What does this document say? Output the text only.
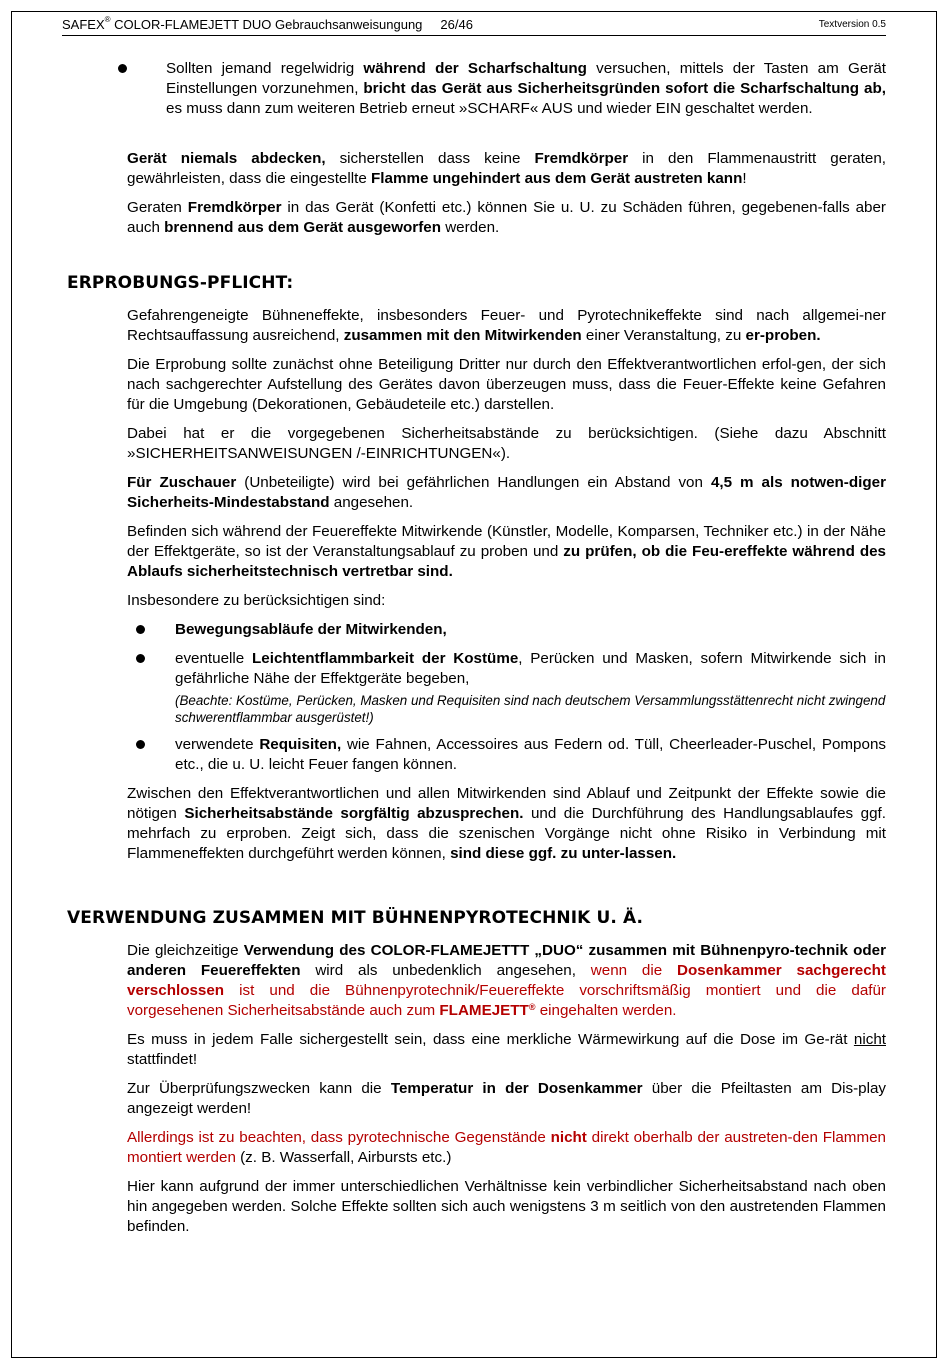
SAFEX® COLOR-FLAMEJETT DUO Gebrauchsanweisungung 26/46	Textversion 0.5
Sollten jemand regelwidrig während der Scharfschaltung versuchen, mittels der Tasten am Gerät Einstellungen vorzunehmen, bricht das Gerät aus Sicherheitsgründen sofort die Scharfschaltung ab, es muss dann zum weiteren Betrieb erneut »SCHARF« AUS und wieder EIN geschaltet werden.

Gerät niemals abdecken, sicherstellen dass keine Fremdkörper in den Flammenaustritt geraten, gewährleisten, dass die eingestellte Flamme ungehindert aus dem Gerät austreten kann!

Geraten Fremdkörper in das Gerät (Konfetti etc.) können Sie u. U. zu Schäden führen, gegebenen-falls aber auch brennend aus dem Gerät ausgeworfen werden.

ERPROBUNGS-PFLICHT:

Gefahrengeneigte Bühneneffekte, insbesonders Feuer- und Pyrotechnikeffekte sind nach allgemei-ner Rechtsauffassung ausreichend, zusammen mit den Mitwirkenden einer Veranstaltung, zu er-proben.

Die Erprobung sollte zunächst ohne Beteiligung Dritter nur durch den Effektverantwortlichen erfol-gen, der sich nach sachgerechter Aufstellung des Gerätes davon überzeugen muss, dass die Feuer-Effekte keine Gefahren für die Umgebung (Dekorationen, Gebäudeteile etc.) darstellen.

Dabei hat er die vorgegebenen Sicherheitsabstände zu berücksichtigen. (Siehe dazu Abschnitt »SICHERHEITSANWEISUNGEN /-EINRICHTUNGEN«).

Für Zuschauer (Unbeteiligte) wird bei gefährlichen Handlungen ein Abstand von 4,5 m als notwen-diger Sicherheits-Mindestabstand angesehen.

Befinden sich während der Feuereffekte Mitwirkende (Künstler, Modelle, Komparsen, Techniker etc.) in der Nähe der Effektgeräte, so ist der Veranstaltungsablauf zu proben und zu prüfen, ob die Feu-ereffekte während des Ablaufs sicherheitstechnisch vertretbar sind.

Insbesondere zu berücksichtigen sind:

Bewegungsabläufe der Mitwirkenden,
eventuelle Leichtentflammbarkeit der Kostüme, Perücken und Masken, sofern Mitwirkende sich in gefährliche Nähe der Effektgeräte begeben,
(Beachte: Kostüme, Perücken, Masken und Requisiten sind nach deutschem Versammlungsstättenrecht nicht zwingend schwerentflammbar ausgerüstet!)
verwendete Requisiten, wie Fahnen, Accessoires aus Federn od. Tüll, Cheerleader-Puschel, Pompons etc., die u. U. leicht Feuer fangen können.

Zwischen den Effektverantwortlichen und allen Mitwirkenden sind Ablauf und Zeitpunkt der Effekte sowie die nötigen Sicherheitsabstände sorgfältig abzusprechen. und die Durchführung des Handlungsablaufes ggf. mehrfach zu erproben. Zeigt sich, dass die szenischen Vorgänge nicht ohne Risiko in Verbindung mit Flammeneffekten durchgeführt werden können, sind diese ggf. zu unter-lassen.

VERWENDUNG ZUSAMMEN MIT BÜHNENPYROTECHNIK U. Ä.

Die gleichzeitige Verwendung des COLOR-FLAMEJETTT „DUO“ zusammen mit Bühnenpyro-technik oder anderen Feuereffekten wird als unbedenklich angesehen, wenn die Dosenkammer sachgerecht verschlossen ist und die Bühnenpyrotechnik/Feuereffekte vorschriftsmäßig montiert und die dafür vorgesehenen Sicherheitsabstände auch zum FLAMEJETT® eingehalten werden.

Es muss in jedem Falle sichergestellt sein, dass eine merkliche Wärmewirkung auf die Dose im Ge-rät nicht stattfindet!

Zur Überprüfungszwecken kann die Temperatur in der Dosenkammer über die Pfeiltasten am Dis-play angezeigt werden!

Allerdings ist zu beachten, dass pyrotechnische Gegenstände nicht direkt oberhalb der austreten-den Flammen montiert werden (z. B. Wasserfall, Airbursts etc.)

Hier kann aufgrund der immer unterschiedlichen Verhältnisse kein verbindlicher Sicherheitsabstand nach oben hin angegeben werden. Solche Effekte sollten sich auch wenigstens 3 m seitlich von den austretenden Flammen befinden.
